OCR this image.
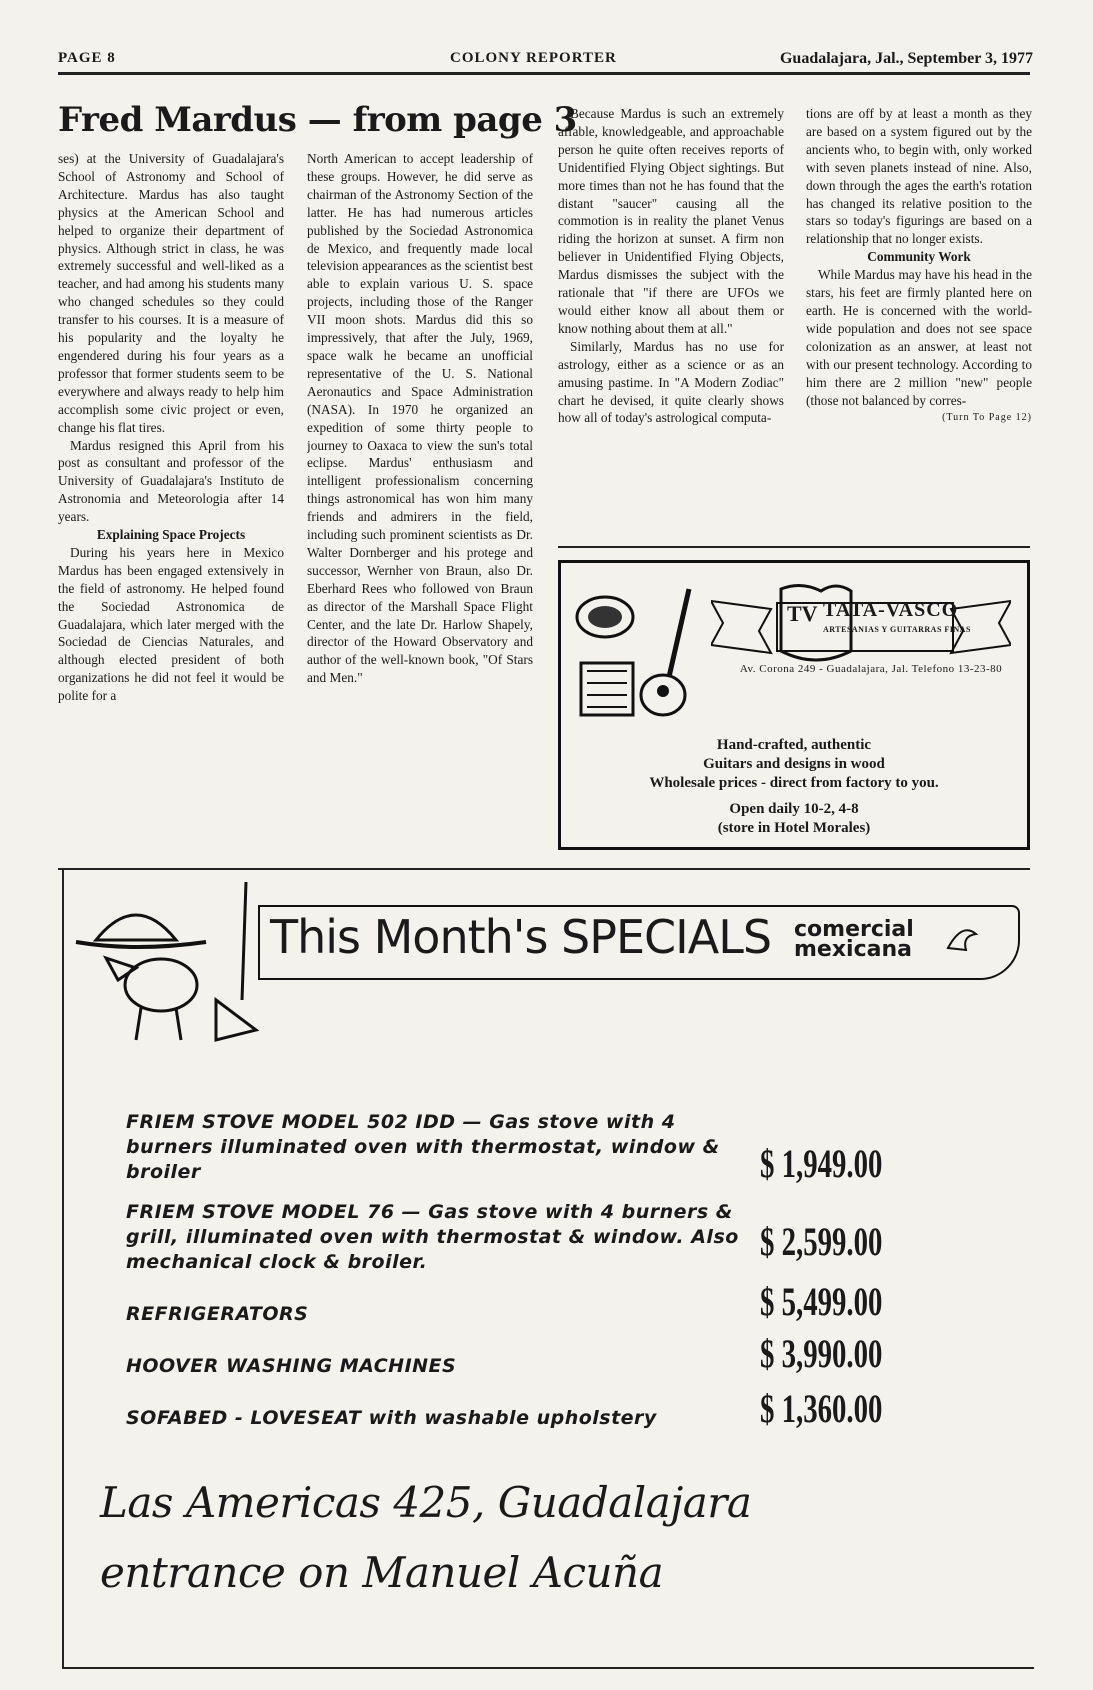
PAGE 8	COLONY REPORTER	Guadalajara, Jal., September 3, 1977
Fred Mardus — from page 3

ses) at the University of Guadalajara's School of Astronomy and School of Architecture. Mardus has also taught physics at the American School and helped to organize their department of physics. Although strict in class, he was extremely successful and well-liked as a teacher, and had among his students many who changed schedules so they could transfer to his courses. It is a measure of his popularity and the loyalty he engendered during his four years as a professor that former students seem to be everywhere and always ready to help him accomplish some civic project or even, change his flat tires.

Mardus resigned this April from his post as consultant and professor of the University of Guadalajara's Instituto de Astronomia and Meteorologia after 14 years.

Explaining Space Projects

During his years here in Mexico Mardus has been engaged extensively in the field of astronomy. He helped found the Sociedad Astronomica de Guadalajara, which later merged with the Sociedad de Ciencias Naturales, and although elected president of both organizations he did not feel it would be polite for a

North American to accept leadership of these groups. However, he did serve as chairman of the Astronomy Section of the latter. He has had numerous articles published by the Sociedad Astronomica de Mexico, and frequently made local television appearances as the scientist best able to explain various U. S. space projects, including those of the Ranger VII moon shots. Mardus did this so impressively, that after the July, 1969, space walk he became an unofficial representative of the U. S. National Aeronautics and Space Administration (NASA). In 1970 he organized an expedition of some thirty people to journey to Oaxaca to view the sun's total eclipse. Mardus' enthusiasm and intelligent professionalism concerning things astronomical has won him many friends and admirers in the field, including such prominent scientists as Dr. Walter Dornberger and his protege and successor, Wernher von Braun, also Dr. Eberhard Rees who followed von Braun as director of the Marshall Space Flight Center, and the late Dr. Harlow Shapely, director of the Howard Observatory and author of the well-known book, "Of Stars and Men."

Because Mardus is such an extremely affable, knowledgeable, and approachable person he quite often receives reports of Unidentified Flying Object sightings. But more times than not he has found that the distant "saucer" causing all the commotion is in reality the planet Venus riding the horizon at sunset. A firm non believer in Unidentified Flying Objects, Mardus dismisses the subject with the rationale that "if there are UFOs we would either know all about them or know nothing about them at all."

Similarly, Mardus has no use for astrology, either as a science or as an amusing pastime. In "A Modern Zodiac" chart he devised, it quite clearly shows how all of today's astrological computa-

tions are off by at least a month as they are based on a system figured out by the ancients who, to begin with, only worked with seven planets instead of nine. Also, down through the ages the earth's rotation has changed its relative position to the stars so today's figurings are based on a relationship that no longer exists.

Community Work

While Mardus may have his head in the stars, his feet are firmly planted here on earth. He is concerned with the world-wide population and does not see space colonization as an answer, at least not with our present technology. According to him there are 2 million "new" people (those not balanced by corres-

(Turn To Page 12)

TV TATA-VASCO
ARTESANIAS Y GUITARRAS FINAS
Av. Corona 249 - Guadalajara, Jal. Telefono 13-23-80
Hand-crafted, authentic
Guitars and designs in wood
Wholesale prices - direct from factory to you.
Open daily 10-2, 4-8
(store in Hotel Morales)
This Month's SPECIALS comercial
mexicana
FRIEM STOVE MODEL 502 IDD — Gas stove with 4 burners illuminated oven with thermostat, window & broiler	$ 1,949.00
FRIEM STOVE MODEL 76 — Gas stove with 4 burners & grill, illuminated oven with thermostat & window. Also mechanical clock & broiler.	$ 2,599.00
REFRIGERATORS	$ 5,499.00
HOOVER WASHING MACHINES	$ 3,990.00
SOFABED - LOVESEAT with washable upholstery	$ 1,360.00
Las Americas 425, Guadalajara
entrance on Manuel Acuña
